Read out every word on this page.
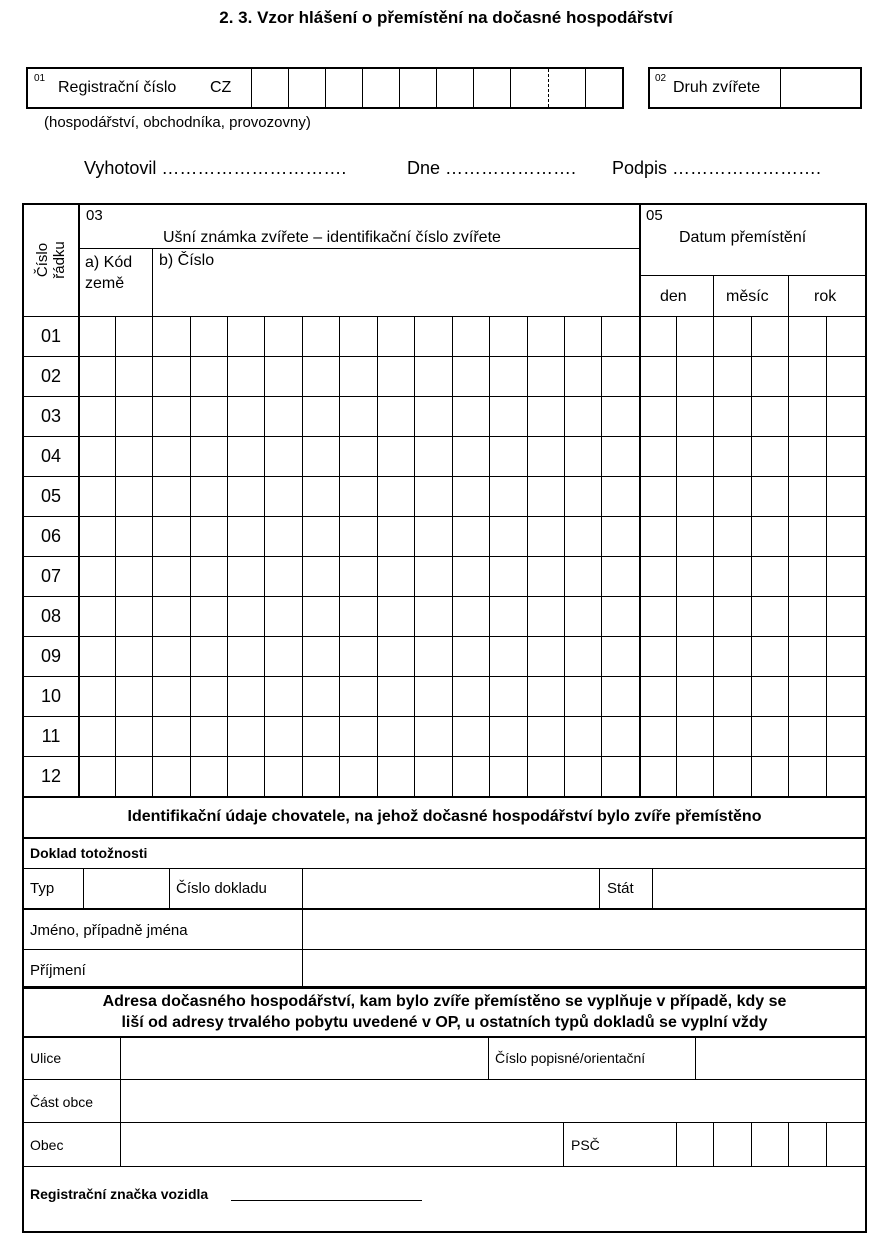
2. 3. Vzor hlášení o přemístění na dočasné hospodářství
01
Registrační číslo CZ
(hospodářství, obchodníka, provozovny)
02
Druh zvířete
Vyhotovil ………………………….	Dne …………………. Podpis …………………….
Číslo řádku
03
Ušní známka zvířete – identifikační číslo zvířete
a) Kód země
b) Číslo
05
Datum přemístění
den měsíc	rok
01
02
03
04
05
06
07
08
09
10
11
12
Identifikační údaje chovatele, na jehož dočasné hospodářství bylo zvíře přemístěno
Doklad totožnosti
Typ	Číslo dokladu	Stát
Jméno, případně jména
Příjmení
Adresa dočasného hospodářství, kam bylo zvíře přemístěno se vyplňuje v případě, kdy se
liší od adresy trvalého pobytu uvedené v OP, u ostatních typů dokladů se vyplní vždy
Ulice	Číslo popisné/orientační
Část obce
Obec	PSČ
Registrační značka vozidla
